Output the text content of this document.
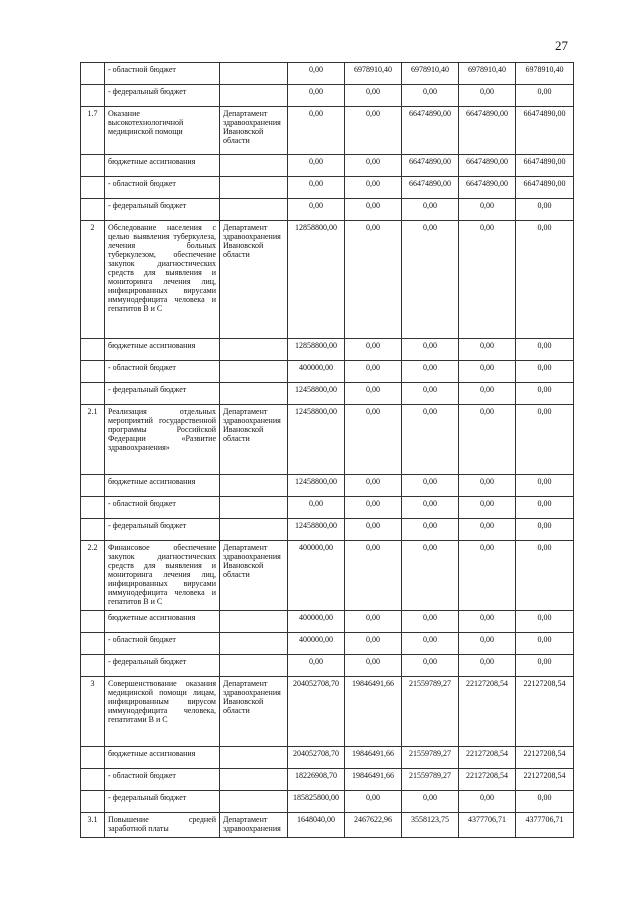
27
	- областной бюджет		0,00	6978910,40	6978910,40	6978910,40	6978910,40
	- федеральный бюджет		0,00	0,00	0,00	0,00	0,00
1.7	Оказание высокотехнологичной медицинской помощи	Департамент здравоохранения Ивановской области	0,00	0,00	66474890,00	66474890,00	66474890,00
	бюджетные ассигнования		0,00	0,00	66474890,00	66474890,00	66474890,00
	- областной бюджет		0,00	0,00	66474890,00	66474890,00	66474890,00
	- федеральный бюджет		0,00	0,00	0,00	0,00	0,00
2	Обследование населения с целью выявления туберкулеза, лечения больных туберкулезом, обеспечение закупок диагностических средств для выявления и мониторинга лечения лиц, инфицированных вирусами иммунодефицита человека и гепатитов В и С	Департамент здравоохранения Ивановской области	12858800,00	0,00	0,00	0,00	0,00
	бюджетные ассигнования		12858800,00	0,00	0,00	0,00	0,00
	- областной бюджет		400000,00	0,00	0,00	0,00	0,00
	- федеральный бюджет		12458800,00	0,00	0,00	0,00	0,00
2.1	Реализация отдельных мероприятий государственной программы Российской Федерации «Развитие здравоохранения»	Департамент здравоохранения Ивановской области	12458800,00	0,00	0,00	0,00	0,00
	бюджетные ассигнования		12458800,00	0,00	0,00	0,00	0,00
	- областной бюджет		0,00	0,00	0,00	0,00	0,00
	- федеральный бюджет		12458800,00	0,00	0,00	0,00	0,00
2.2	Финансовое обеспечение закупок диагностических средств для выявления и мониторинга лечения лиц, инфицированных вирусами иммунодефицита человека и гепатитов В и С	Департамент здравоохранения Ивановской области	400000,00	0,00	0,00	0,00	0,00
	бюджетные ассигнования		400000,00	0,00	0,00	0,00	0,00
	- областной бюджет		400000,00	0,00	0,00	0,00	0,00
	- федеральный бюджет		0,00	0,00	0,00	0,00	0,00
3	Совершенствование оказания медицинской помощи лицам, инфицированным вирусом иммунодефицита человека, гепатитами В и С	Департамент здравоохранения Ивановской области	204052708,70	19846491,66	21559789,27	22127208,54	22127208,54
	бюджетные ассигнования		204052708,70	19846491,66	21559789,27	22127208,54	22127208,54
	- областной бюджет		18226908,70	19846491,66	21559789,27	22127208,54	22127208,54
	- федеральный бюджет		185825800,00	0,00	0,00	0,00	0,00
3.1	Повышение средней заработной платы	Департамент здравоохранения	1648040,00	2467622,96	3558123,75	4377706,71	4377706,71
